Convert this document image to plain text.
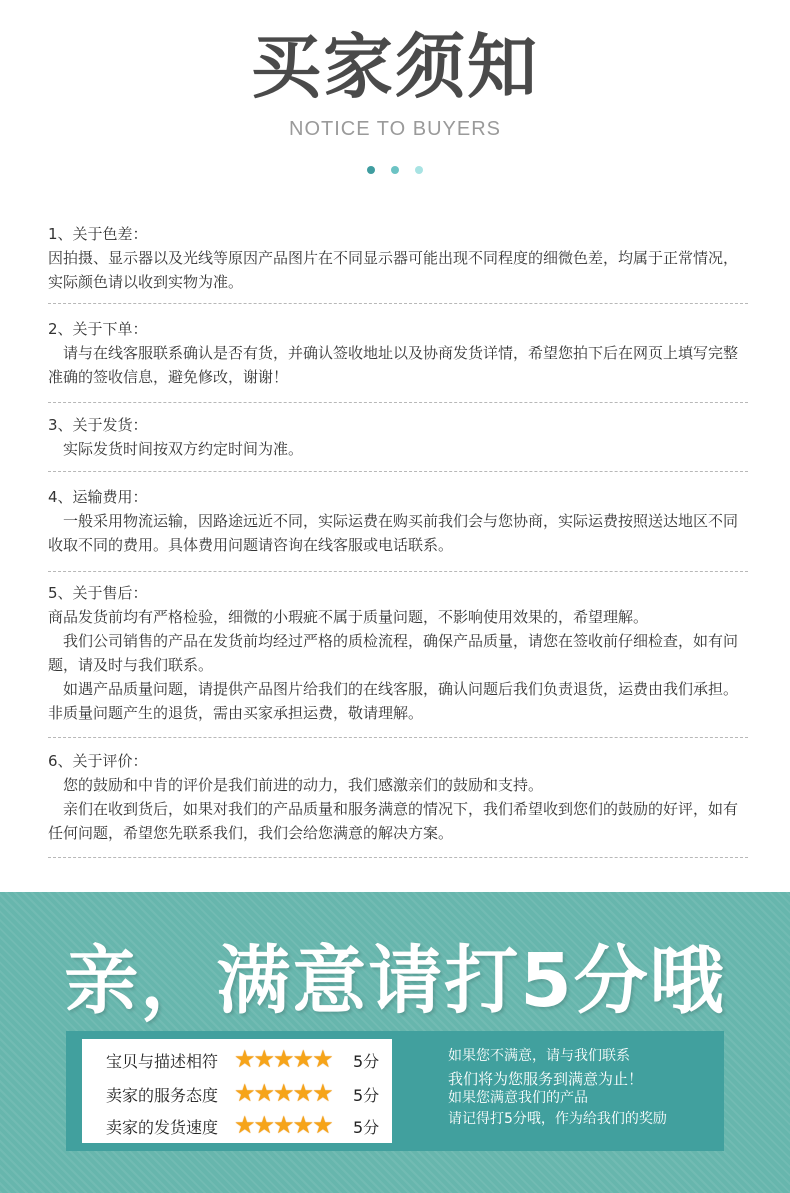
买家须知
NOTICE TO BUYERS

1、关于色差：

因拍摄、显示器以及光线等原因产品图片在不同显示器可能出现不同程度的细微色差，均属于正常情况，实际颜色请以收到实物为准。

2、关于下单：

请与在线客服联系确认是否有货，并确认签收地址以及协商发货详情，希望您拍下后在网页上填写完整准确的签收信息，避免修改，谢谢！

3、关于发货：

实际发货时间按双方约定时间为准。

4、运输费用：

一般采用物流运输，因路途远近不同，实际运费在购买前我们会与您协商，实际运费按照送达地区不同收取不同的费用。具体费用问题请咨询在线客服或电话联系。

5、关于售后：

商品发货前均有严格检验，细微的小瑕疵不属于质量问题，不影响使用效果的，希望理解。

我们公司销售的产品在发货前均经过严格的质检流程，确保产品质量，请您在签收前仔细检查，如有问题，请及时与我们联系。

如遇产品质量问题，请提供产品图片给我们的在线客服，确认问题后我们负责退货，运费由我们承担。非质量问题产生的退货，需由买家承担运费，敬请理解。

6、关于评价：

您的鼓励和中肯的评价是我们前进的动力，我们感激亲们的鼓励和支持。

亲们在收到货后，如果对我们的产品质量和服务满意的情况下，我们希望收到您们的鼓励的好评，如有任何问题，希望您先联系我们，我们会给您满意的解决方案。

亲，满意请打5分哦
宝贝与描述相符 ★★★★★ 5分
卖家的服务态度 ★★★★★ 5分
卖家的发货速度 ★★★★★ 5分
如果您不满意，请与我们联系
我们将为您服务到满意为止！
如果您满意我们的产品
请记得打5分哦，作为给我们的奖励
